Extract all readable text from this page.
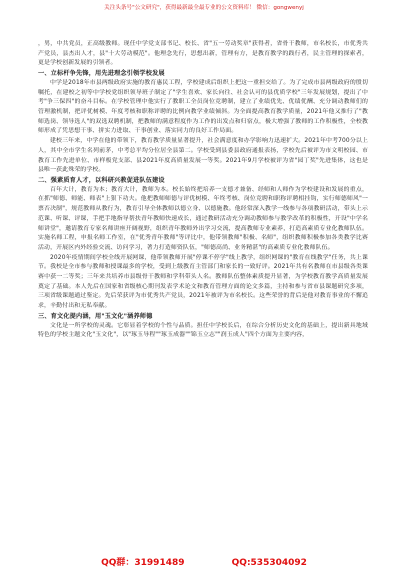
关注头条号"公文研究"，获得最新最全最专业的公文资料库！ 微信：gongwenyj

，男，中共党员，正高级教师。现任中学党支部书记、校长、省"五一劳动奖章"获得者，省骨干教师，市名校长，市优秀共产党员，县杰出人才，县"十大劳动模范"。他理念先行，思想出新，管理有方，是教育教学的践行者，民主管理的探索者，更是学校创新发展的引领者。

一、立标杆争先锋，用先进理念引领学校发展

中学是2018年市县两级政府实施的教育惠民工程，学校建成后组织上把这一重担交给了。为了完成市县两级政府的殷切嘱托，在建校之初等中学校党组织领导班子制定了"学生喜欢、家长向往、社会认可的县优质学校"三年发展规划，提出了中考"争三保四"的奋斗目标。在学校管理中他实行了教职工全员岗位竞聘制，建立了业绩优先、优绩优酬、充分调动教师们的管理激机制，把评优树模、年度考核和职称评聘的比例向教学业绩倾斜。为全面提高教育教学质量，2021年他又推行了"教师选岗、领导选人"的双选双聘机制，把教师的满意程度作为工作的出发点和归宿点，极大增强了教师的工作积极性，全校教师形成了凭思想干事、拼实力进取、干事创业、落实同力的良好工作局面。

建校三年来，中学在他的带领下，教育教学质量显著提升，社会满意度和办学影响力迅速扩大。2021年中考700分以上人，其中全市学生名列前茅，中考总平均分位居全县第二。学校受到县委县政府通报表扬，学校先后被评为市文明校园、市教育工作先进单位、市样板党支部、县2021年度高质量发展一等奖。2021年9月学校被评为省"园丁奖"先进集体，这也是县唯一获此殊荣的学校。

二、强素质育人才，以科研兴教促进队伍建设

百年大计，教育为本；教育大计，教师为本。校长始终把培养一支德才兼备、经师和人师作为学校建设和发展的重点，在抓"师德、师能、师表"上狠下功夫。他把教师师德与评优树模、年终考核、岗位竞聘和职称评聘相挂钩，实行师德师风"一票否决制"，规范教师从教行为，教育引导全体教师以德立身、以德施教。他经常深入教学一线参与各项教研活动，带头上示范课、听课、评课，手把手地指导帮扶青年教师快速成长，通过教研活动充分调动教师参与教学改革的积极性，开设"中学名师讲堂"，邀请教育专家名师讲座开阔视野，组织青年教师外出学习交流，提高教师专业素养，打造高素质专业化教师队伍。实施名师工程，申报名师工作室，在"优秀青年教师"等评比中，他带领教师"积极、名师"，组织教师积极参加各类教学比赛活动，开展区内外经验交流、访问学习，著力打造师资队伍，"师德高尚、业务精湛"的高素质专业化教师队伍。

2020年疫情期间学校全线开展网课，他带领教师开展"停课不停学"线上教学，组织网课的"教育在线教学"任务，共上课节。我校是全市参与教师和授课最多的学校，受到上级教育主管部门和家长的一致好评。2021年共有名教师在市县级各类课赛中获一二等奖；三年来共培养市县级骨干教师和学科带头人名。教师队伍整体素质提升显著，为学校教育教学高质量发展奠定了基础。本人先后在国家和省级核心期刊发表学术论文和教育管理方面的论文多篇，主持和参与省市县课题研究多项，三项省级课题通过鉴定。先后荣获评为市优秀共产党员，2021年被评为市名校长。这些荣誉的背后是他对教育事业的不懈追求，辛勤付出和无私奉献。

三、育文化提内涵，用"玉文化"涵养师德

文化是一所学校的灵魂。它彰显着学校的个性与品质。担任中学校长后，在综合分析历史文化的基础上，提出新具地域特色的学校主题文化"玉文化"，以"琢玉导程""琢玉成器""锦玉立志""润玉成人"四个方面为主要内容，

QQ群：31991489	QQ:535304092
